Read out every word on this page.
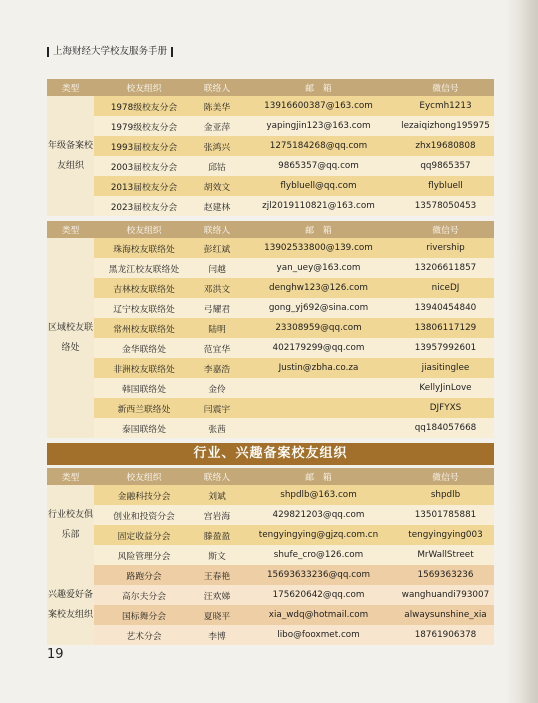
上海财经大学校友服务手册
类型	校友组织	联络人	邮　箱	微信号
年级备案校友组织	1978级校友分会	陈美华	13916600387@163.com	Eycmh1213
	1979级校友分会	金亚萍	yapingjin123@163.com	lezaiqizhong195975
	1993届校友分会	张鸿兴	1275184268@qq.com	zhx19680808
	2003届校友分会	邱钴	9865357@qq.com	qq9865357
	2013届校友分会	胡效文	flybluell@qq.com	flybluell
	2023届校友分会	赵建林	zjl2019110821@163.com	13578050453
类型	校友组织	联络人	邮　箱	微信号
区域校友联络处	珠海校友联络处	彭红斌	13902533800@139.com	rivership
	黑龙江校友联络处	闫越	yan_uey@163.com	13206611857
	吉林校友联络处	邓洪文	denghw123@126.com	niceDJ
	辽宁校友联络处	弓耀君	gong_yj692@sina.com	13940454840
	常州校友联络处	陆明	23308959@qq.com	13806117129
	金华联络处	范宜华	402179299@qq.com	13957992601
	非洲校友联络处	李嘉浩	Justin@zbha.co.za	jiasitinglee
	韩国联络处	金伶		KellyJinLove
	新西兰联络处	闫震宇		DJFYXS
	泰国联络处	张茜		qq184057668
行业、兴趣备案校友组织
类型	校友组织	联络人	邮　箱	微信号
行业校友俱乐部	金融科技分会	刘斌	shpdlb@163.com	shpdlb
	创业和投资分会	宫岩海	429821203@qq.com	13501785881
	固定收益分会	滕盈盈	tengyingying@gjzq.com.cn	tengyingying003
	风险管理分会	斯文	shufe_cro@126.com	MrWallStreet
兴趣爱好备案校友组织	路跑分会	王春艳	15693633236@qq.com	1569363236
	高尔夫分会	汪欢娣	175620642@qq.com	wanghuandi793007
	国标舞分会	夏晓平	xia_wdq@hotmail.com	alwaysunshine_xia
	艺术分会	李博	libo@fooxmet.com	18761906378
19
